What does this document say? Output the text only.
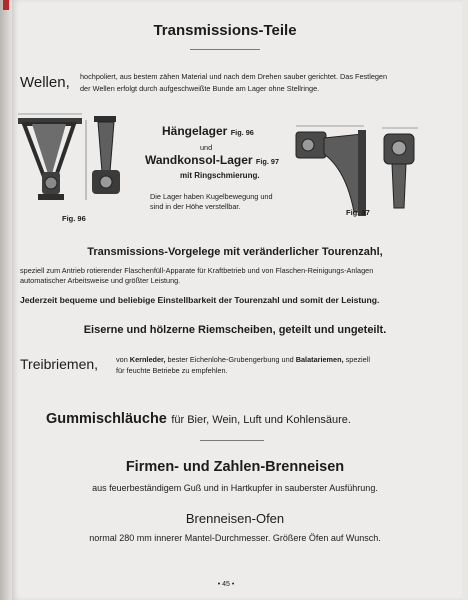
Transmissions-Teile
Wellen, hochpoliert, aus bestem zähen Material und nach dem Drehen sauber gerichtet. Das Festlegen
der Wellen erfolgt durch aufgeschweißte Bunde am Lager ohne Stellringe.
Fig. 96
Hängelager Fig. 96
und
Wandkonsol-Lager Fig. 97
mit Ringschmierung.
Die Lager haben Kugelbewegung und
sind in der Höhe verstellbar.
Fig. 97
Transmissions-Vorgelege mit veränderlicher Tourenzahl,
speziell zum Antrieb rotierender Flaschenfüll-Apparate für Kraftbetrieb und von Flaschen-Reinigungs-Anlagen
automatischer Arbeitsweise und größter Leistung.
Jederzeit bequeme und beliebige Einstellbarkeit der Tourenzahl und somit der Leistung.
Eiserne und hölzerne Riemscheiben, geteilt und ungeteilt.
Treibriemen, von Kernleder, bester Eichenlohe-Grubengerbung und Balatariemen, speziell
für feuchte Betriebe zu empfehlen.
Gummischläuche für Bier, Wein, Luft und Kohlensäure.
Firmen- und Zahlen-Brenneisen
aus feuerbeständigem Guß und in Hartkupfer in sauberster Ausführung.
Brenneisen-Ofen
normal 280 mm innerer Mantel-Durchmesser. Größere Öfen auf Wunsch.
• 45 •
